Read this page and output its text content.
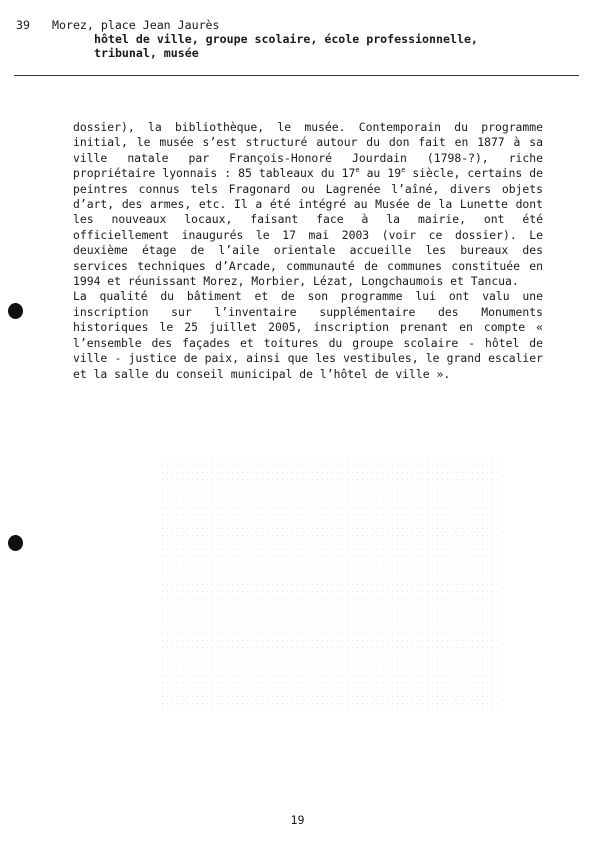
39	Morez, place Jean Jaurès
hôtel de ville, groupe scolaire, école professionnelle,
tribunal, musée

dossier), la bibliothèque, le musée. Contemporain du programme initial, le musée s’est structuré autour du don fait en 1877 à sa ville natale par François-Honoré Jourdain (1798-?), riche propriétaire lyonnais : 85 tableaux du 17e au 19e siècle, certains de peintres connus tels Fragonard ou Lagrenée l’aîné, divers objets d’art, des armes, etc. Il a été intégré au Musée de la Lunette dont les nouveaux locaux, faisant face à la mairie, ont été officiellement inaugurés le 17 mai 2003 (voir ce dossier). Le deuxième étage de l’aile orientale accueille les bureaux des services techniques d’Arcade, communauté de communes constituée en 1994 et réunissant Morez, Morbier, Lézat, Longchaumois et Tancua.

La qualité du bâtiment et de son programme lui ont valu une inscription sur l’inventaire supplémentaire des Monuments historiques le 25 juillet 2005, inscription prenant en compte « l’ensemble des façades et toitures du groupe scolaire - hôtel de ville - justice de paix, ainsi que les vestibules, le grand escalier et la salle du conseil municipal de l’hôtel de ville ».

19
